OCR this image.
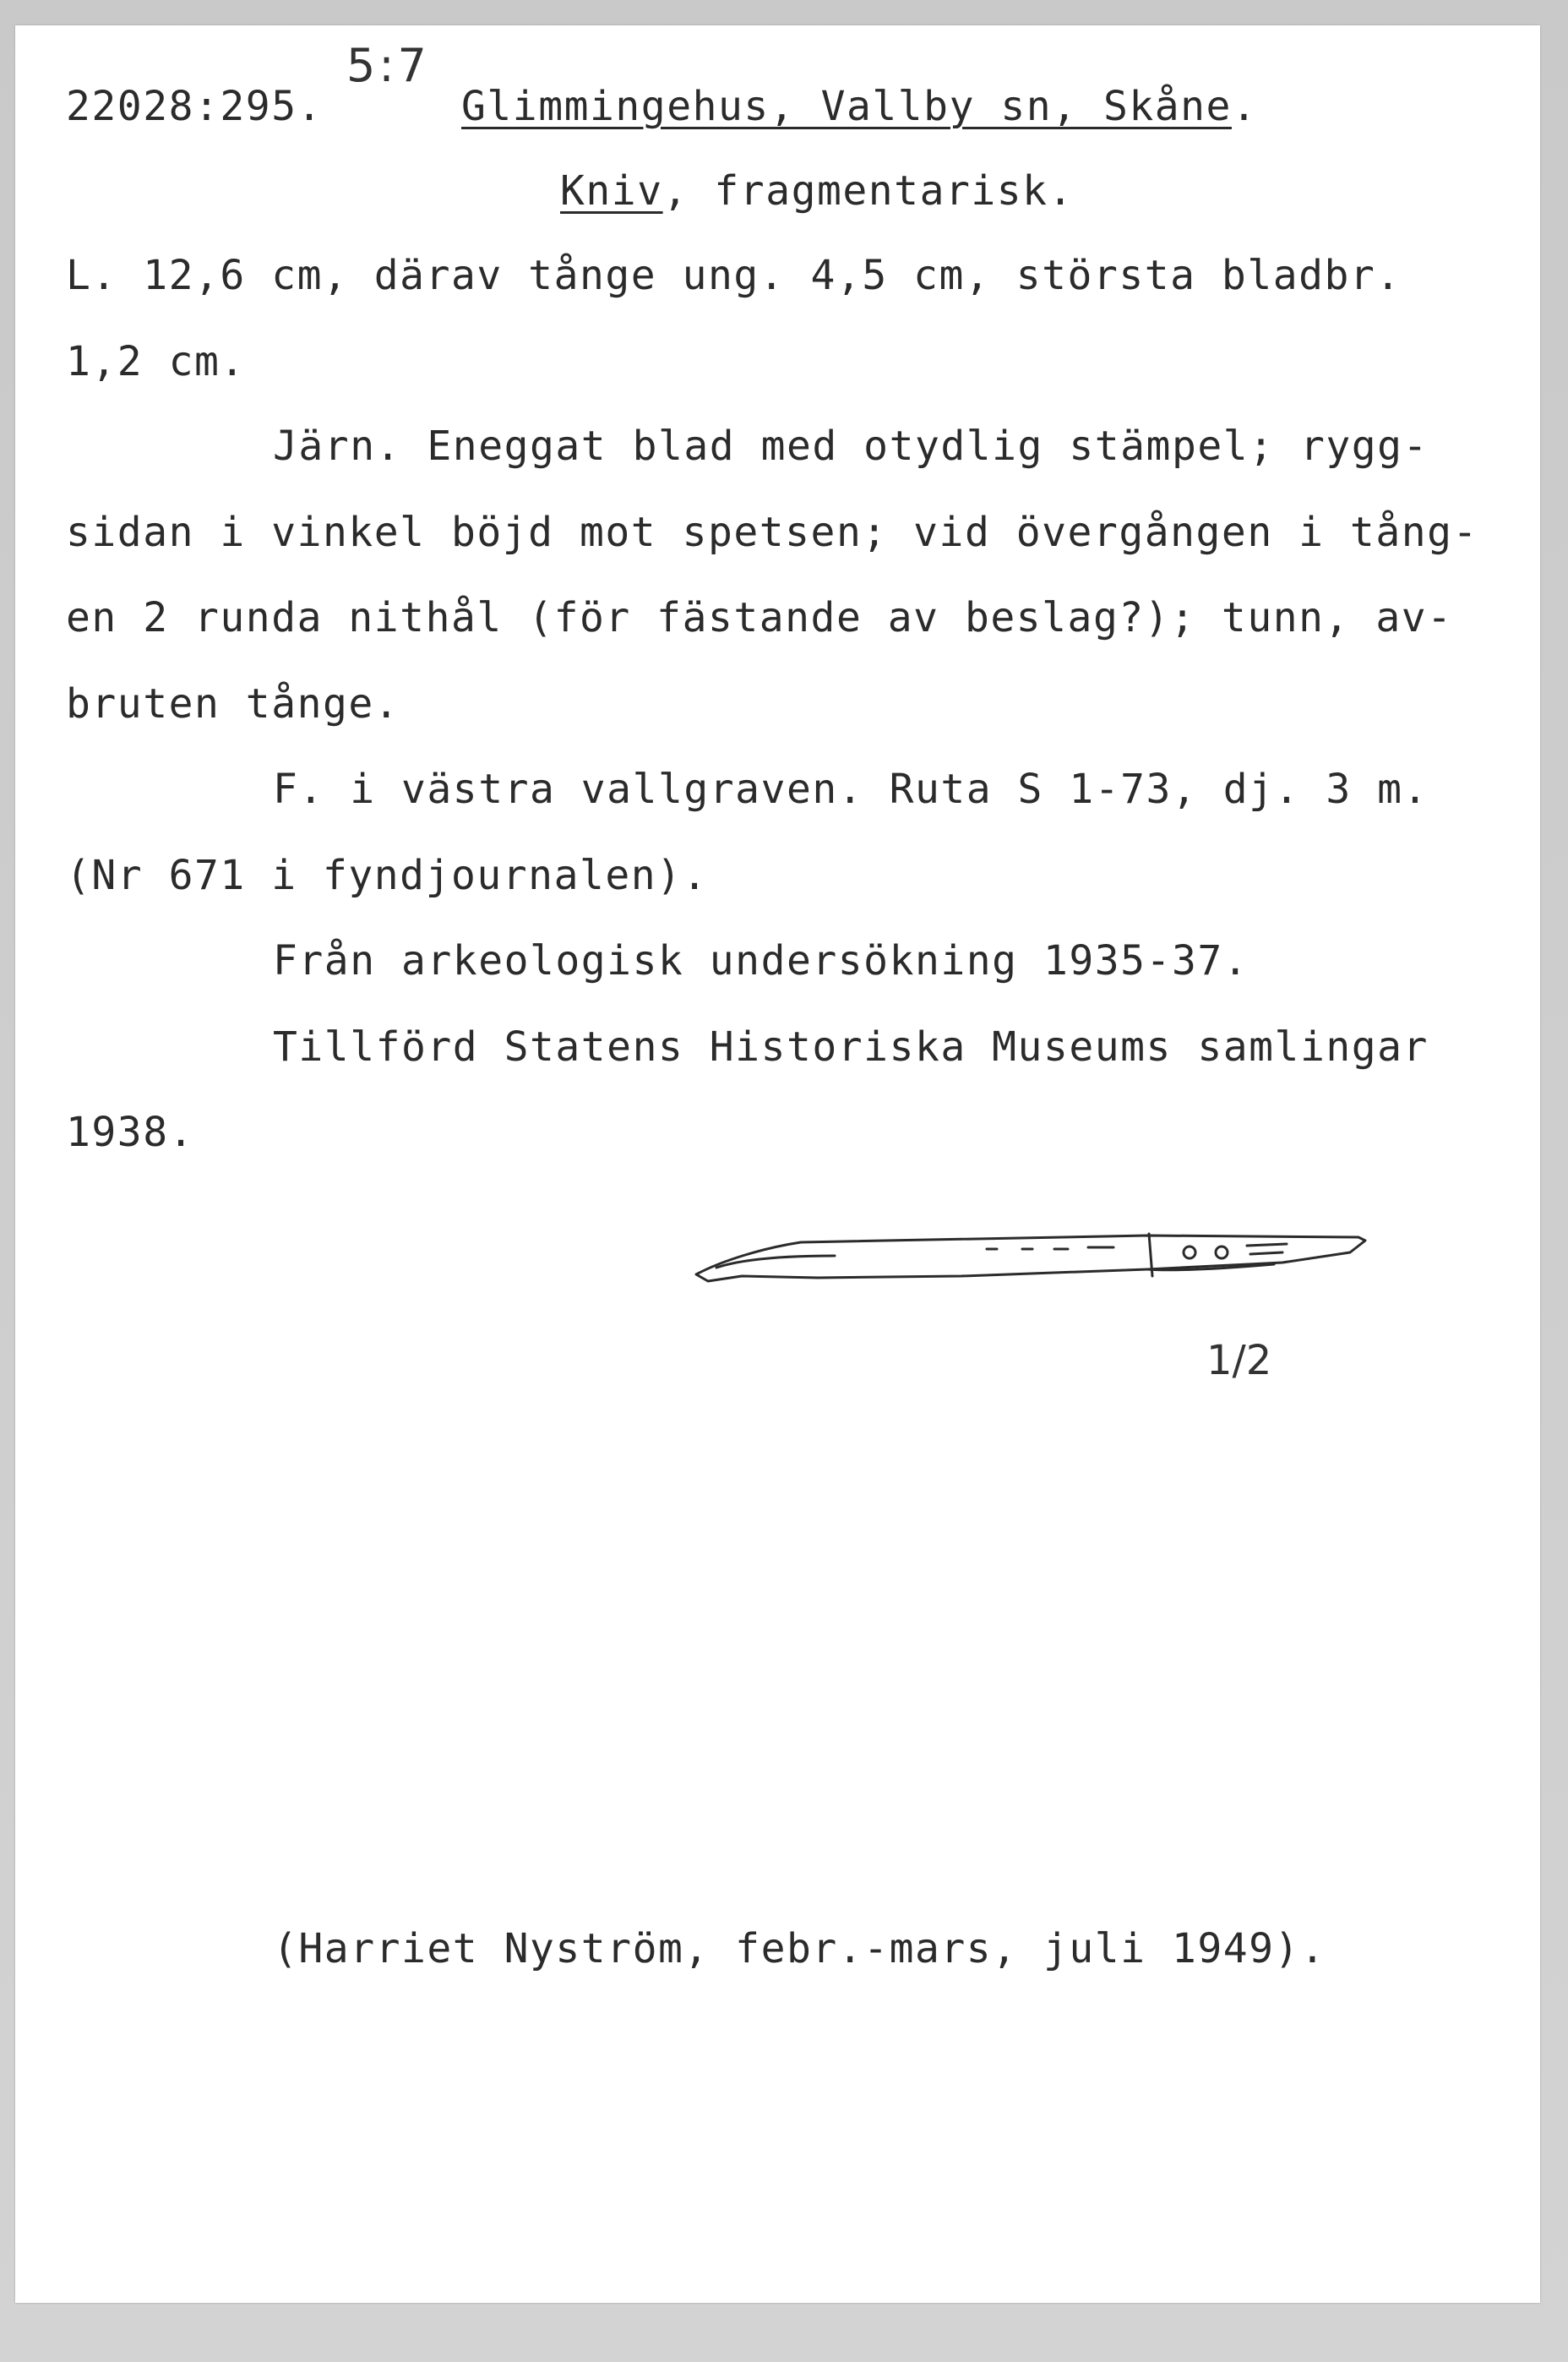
22028:295.

5:7

Glimmingehus, Vallby sn, Skåne.

Kniv, fragmentarisk.

L. 12,6 cm, därav tånge ung. 4,5 cm, största bladbr.

1,2 cm.

Järn. Eneggat blad med otydlig stämpel; rygg-

sidan i vinkel böjd mot spetsen; vid övergången i tång-

en 2 runda nithål (för fästande av beslag?); tunn, av-

bruten tånge.

F. i västra vallgraven. Ruta S 1-73, dj. 3 m.

(Nr 671 i fyndjournalen).

Från arkeologisk undersökning 1935-37.

Tillförd Statens Historiska Museums samlingar

1938.

1/2

(Harriet Nyström, febr.-mars, juli 1949).
